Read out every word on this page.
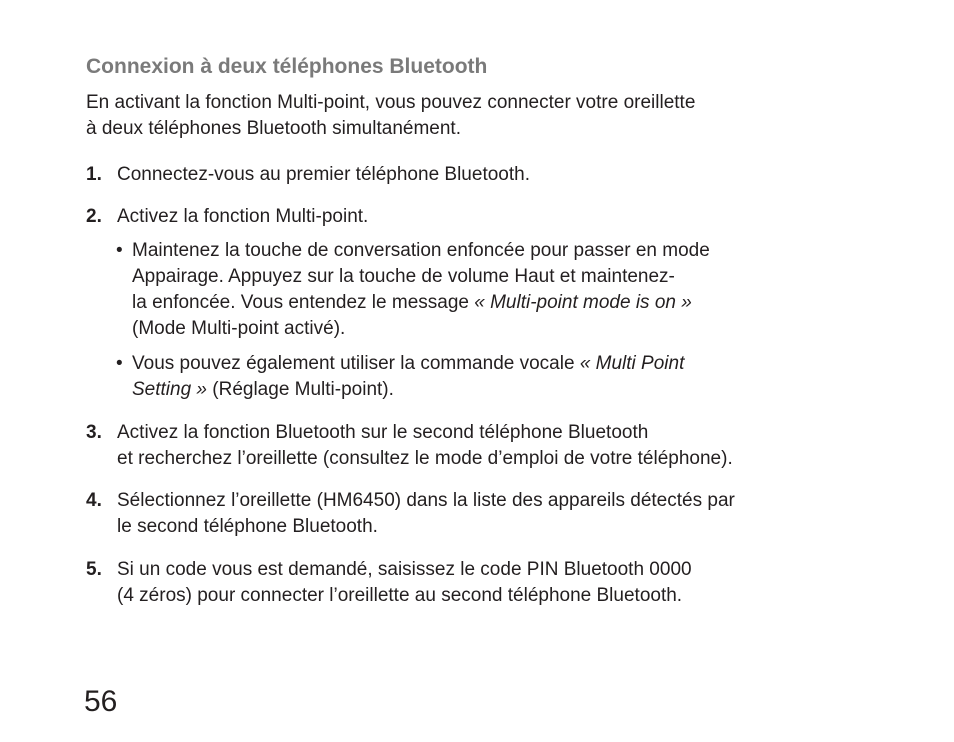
Connexion à deux téléphones Bluetooth
En activant la fonction Multi-point, vous pouvez connecter votre oreillette
à deux téléphones Bluetooth simultanément.
1. Connectez-vous au premier téléphone Bluetooth.
2. Activez la fonction Multi-point.
• Maintenez la touche de conversation enfoncée pour passer en mode
Appairage. Appuyez sur la touche de volume Haut et maintenez-
la enfoncée. Vous entendez le message « Multi-point mode is on »
(Mode Multi-point activé).
• Vous pouvez également utiliser la commande vocale « Multi Point
Setting » (Réglage Multi-point).
3. Activez la fonction Bluetooth sur le second téléphone Bluetooth
et recherchez l’oreillette (consultez le mode d’emploi de votre téléphone).
4. Sélectionnez l’oreillette (HM6450) dans la liste des appareils détectés par
le second téléphone Bluetooth.
5. Si un code vous est demandé, saisissez le code PIN Bluetooth 0000
(4 zéros) pour connecter l’oreillette au second téléphone Bluetooth.
56
